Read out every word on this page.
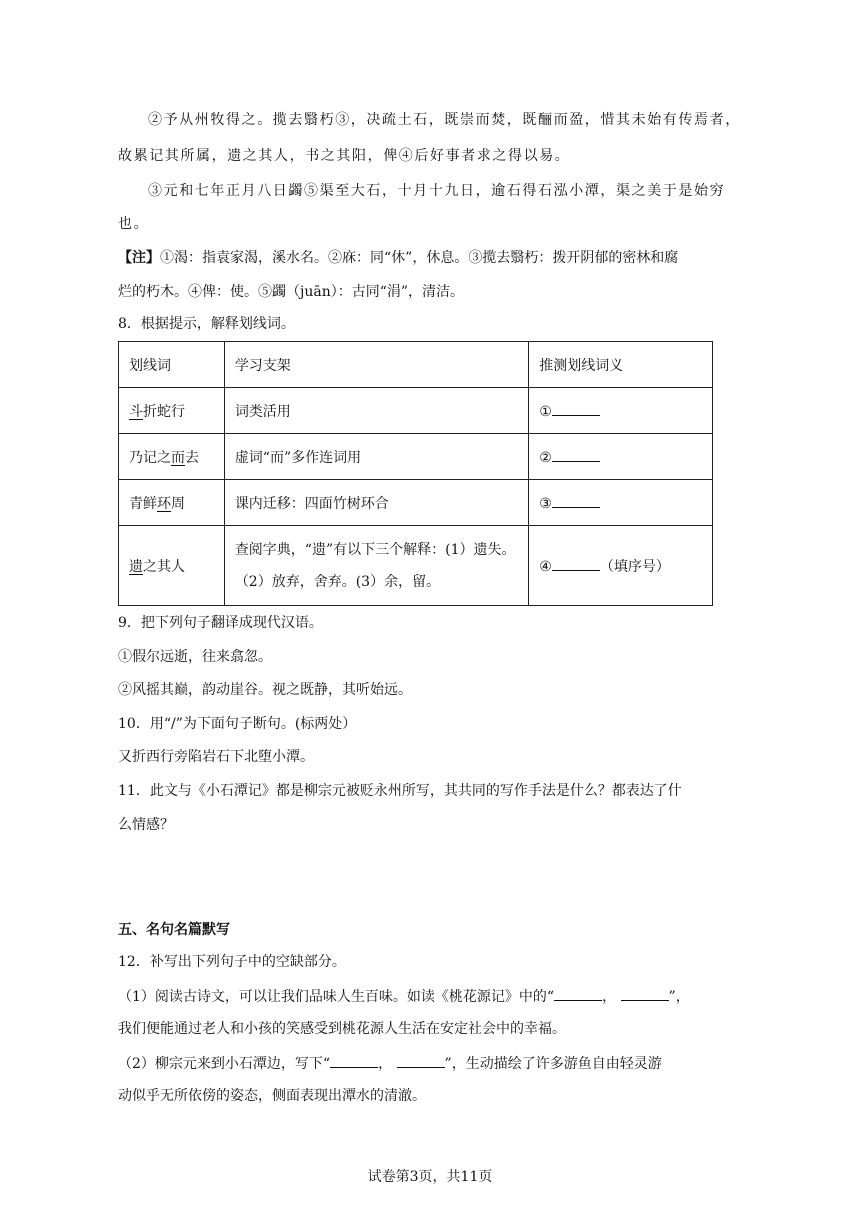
②予从州牧得之。揽去翳朽③，决疏土石，既崇而焚，既酾而盈，惜其未始有传焉者，
故累记其所属，遗之其人，书之其阳，俾④后好事者求之得以易。
③元和七年正月八日蠲⑤渠至大石，十月十九日，逾石得石泓小潭，渠之美于是始穷
也。
【注】①渴：指袁家渴，溪水名。②庥：同“休”，休息。③揽去翳朽：拨开阴郁的密林和腐
烂的朽木。④俾：使。⑤蠲（juān）：古同“涓”，清洁。
8．根据提示，解释划线词。
划线词	学习支架	推测划线词义
斗折蛇行	词类活用	①
乃记之而去	虚词“而”多作连词用	②
青鲜环周	课内迁移：四面竹树环合	③
遗之其人	查阅字典，“遗”有以下三个解释：(1）遗失。
（2）放弃，舍弃。(3）余，留。	④ （填序号）
9．把下列句子翻译成现代汉语。
①假尔远逝，往来翕忽。
②风摇其巅，韵动崖谷。视之既静，其听始远。
10．用“/”为下面句子断句。(标两处）
又折西行旁陷岩石下北堕小潭。
11．此文与《小石潭记》都是柳宗元被贬永州所写，其共同的写作手法是什么？都表达了什
么情感？
五、名句名篇默写
12．补写出下列句子中的空缺部分。
（1）阅读古诗文，可以让我们品味人生百味。如读《桃花源记》中的“	，	”，
我们便能通过老人和小孩的笑感受到桃花源人生活在安定社会中的幸福。
（2）柳宗元来到小石潭边，写下“	，	”，生动描绘了许多游鱼自由轻灵游
动似乎无所依傍的姿态，侧面表现出潭水的清澈。
试卷第3页，共11页
